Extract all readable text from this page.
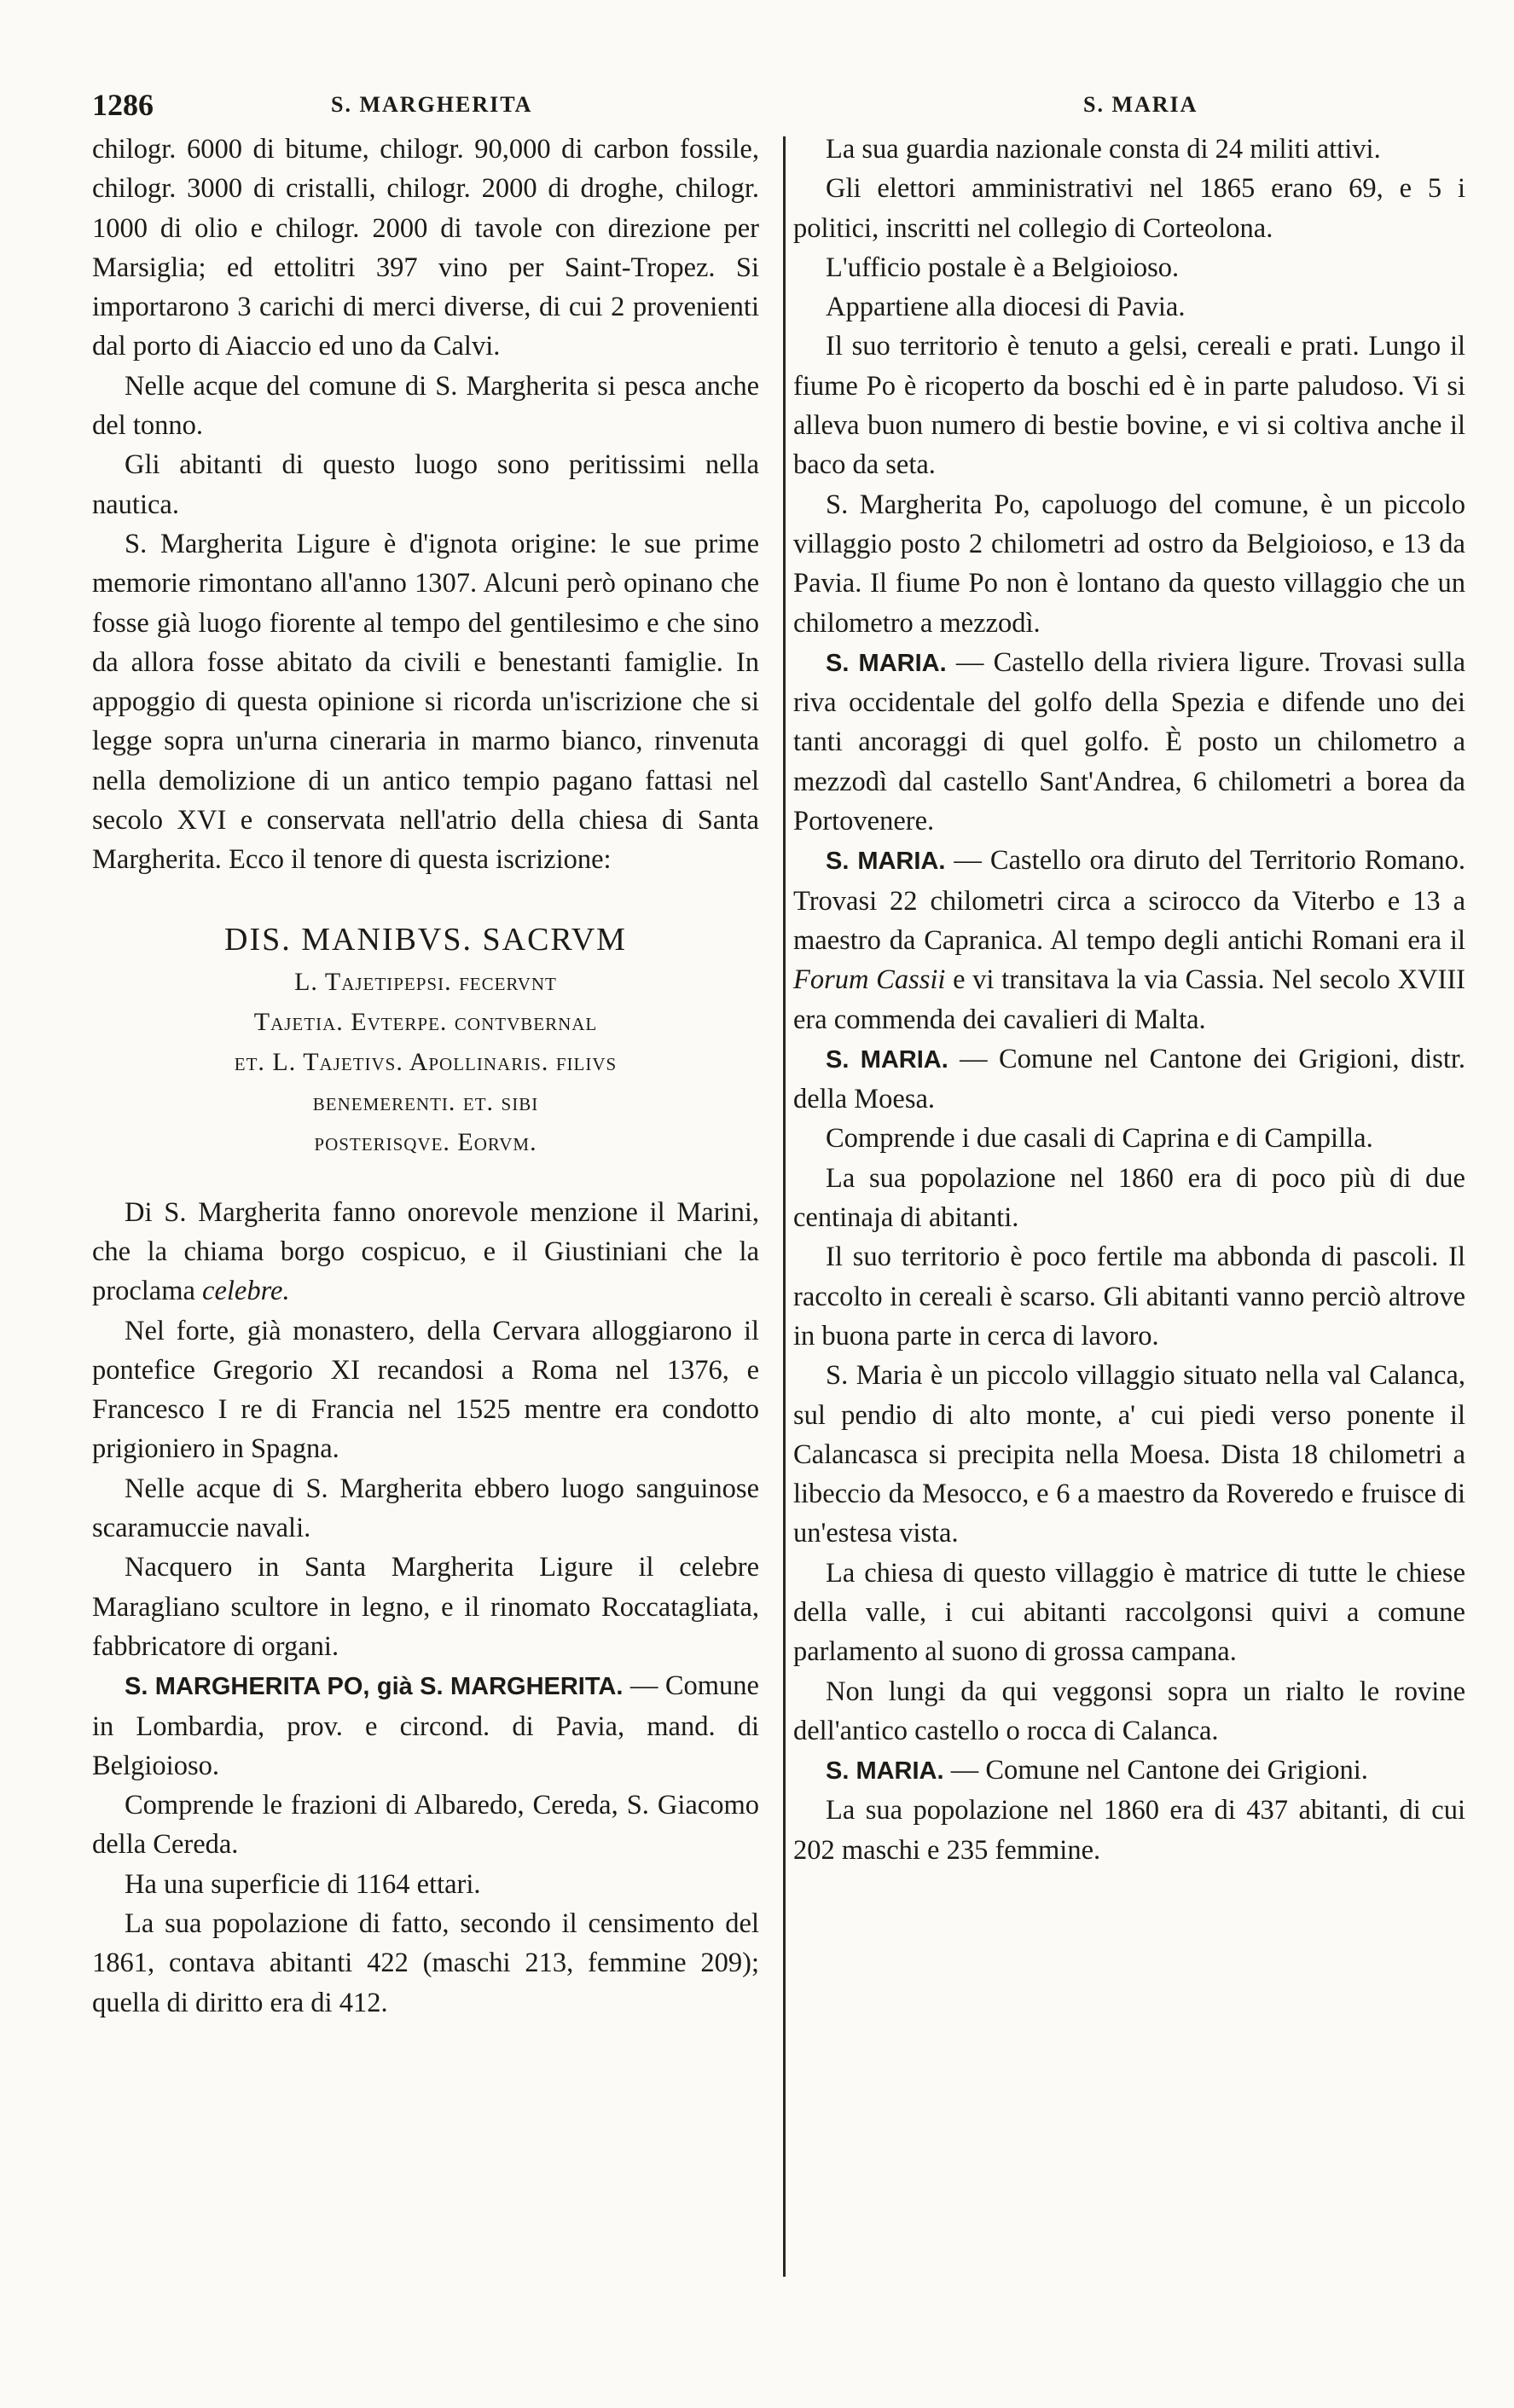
1286	S. MARGHERITA	S. MARIA

chilogr. 6000 di bitume, chilogr. 90,000 di carbon fossile, chilogr. 3000 di cristalli, chilogr. 2000 di droghe, chilogr. 1000 di olio e chilogr. 2000 di tavole con direzione per Marsiglia; ed ettolitri 397 vino per Saint-Tropez. Si importarono 3 carichi di merci diverse, di cui 2 provenienti dal porto di Aiaccio ed uno da Calvi.

Nelle acque del comune di S. Margherita si pesca anche del tonno.

Gli abitanti di questo luogo sono peritissimi nella nautica.

S. Margherita Ligure è d'ignota origine: le sue prime memorie rimontano all'anno 1307. Alcuni però opinano che fosse già luogo fiorente al tempo del gentilesimo e che sino da allora fosse abitato da civili e benestanti famiglie. In appoggio di questa opinione si ricorda un'iscrizione che si legge sopra un'urna cineraria in marmo bianco, rinvenuta nella demolizione di un antico tempio pagano fattasi nel secolo XVI e conservata nell'atrio della chiesa di Santa Margherita. Ecco il tenore di questa iscrizione:

DIS. MANIBVS. SACRVM
L. Tajetipepsi. fecervnt
Tajetia. Evterpe. contvbernal
et. L. Tajetivs. Apollinaris. filivs
benemerenti. et. sibi
posterisqve. Eorvm.

Di S. Margherita fanno onorevole menzione il Marini, che la chiama borgo cospicuo, e il Giustiniani che la proclama celebre.

Nel forte, già monastero, della Cervara alloggiarono il pontefice Gregorio XI recandosi a Roma nel 1376, e Francesco I re di Francia nel 1525 mentre era condotto prigioniero in Spagna.

Nelle acque di S. Margherita ebbero luogo sanguinose scaramuccie navali.

Nacquero in Santa Margherita Ligure il celebre Maragliano scultore in legno, e il rinomato Roccatagliata, fabbricatore di organi.

S. MARGHERITA PO, già S. MARGHERITA. — Comune in Lombardia, prov. e circond. di Pavia, mand. di Belgioioso.

Comprende le frazioni di Albaredo, Cereda, S. Giacomo della Cereda.

Ha una superficie di 1164 ettari.

La sua popolazione di fatto, secondo il censimento del 1861, contava abitanti 422 (maschi 213, femmine 209); quella di diritto era di 412.

La sua guardia nazionale consta di 24 militi attivi.

Gli elettori amministrativi nel 1865 erano 69, e 5 i politici, inscritti nel collegio di Corteolona.

L'ufficio postale è a Belgioioso.

Appartiene alla diocesi di Pavia.

Il suo territorio è tenuto a gelsi, cereali e prati. Lungo il fiume Po è ricoperto da boschi ed è in parte paludoso. Vi si alleva buon numero di bestie bovine, e vi si coltiva anche il baco da seta.

S. Margherita Po, capoluogo del comune, è un piccolo villaggio posto 2 chilometri ad ostro da Belgioioso, e 13 da Pavia. Il fiume Po non è lontano da questo villaggio che un chilometro a mezzodì.

S. MARIA. — Castello della riviera ligure. Trovasi sulla riva occidentale del golfo della Spezia e difende uno dei tanti ancoraggi di quel golfo. È posto un chilometro a mezzodì dal castello Sant'Andrea, 6 chilometri a borea da Portovenere.

S. MARIA. — Castello ora diruto del Territorio Romano. Trovasi 22 chilometri circa a scirocco da Viterbo e 13 a maestro da Capranica. Al tempo degli antichi Romani era il Forum Cassii e vi transitava la via Cassia. Nel secolo XVIII era commenda dei cavalieri di Malta.

S. MARIA. — Comune nel Cantone dei Grigioni, distr. della Moesa.

Comprende i due casali di Caprina e di Campilla.

La sua popolazione nel 1860 era di poco più di due centinaja di abitanti.

Il suo territorio è poco fertile ma abbonda di pascoli. Il raccolto in cereali è scarso. Gli abitanti vanno perciò altrove in buona parte in cerca di lavoro.

S. Maria è un piccolo villaggio situato nella val Calanca, sul pendio di alto monte, a' cui piedi verso ponente il Calancasca si precipita nella Moesa. Dista 18 chilometri a libeccio da Mesocco, e 6 a maestro da Roveredo e fruisce di un'estesa vista.

La chiesa di questo villaggio è matrice di tutte le chiese della valle, i cui abitanti raccolgonsi quivi a comune parlamento al suono di grossa campana.

Non lungi da qui veggonsi sopra un rialto le rovine dell'antico castello o rocca di Calanca.

S. MARIA. — Comune nel Cantone dei Grigioni.

La sua popolazione nel 1860 era di 437 abitanti, di cui 202 maschi e 235 femmine.
